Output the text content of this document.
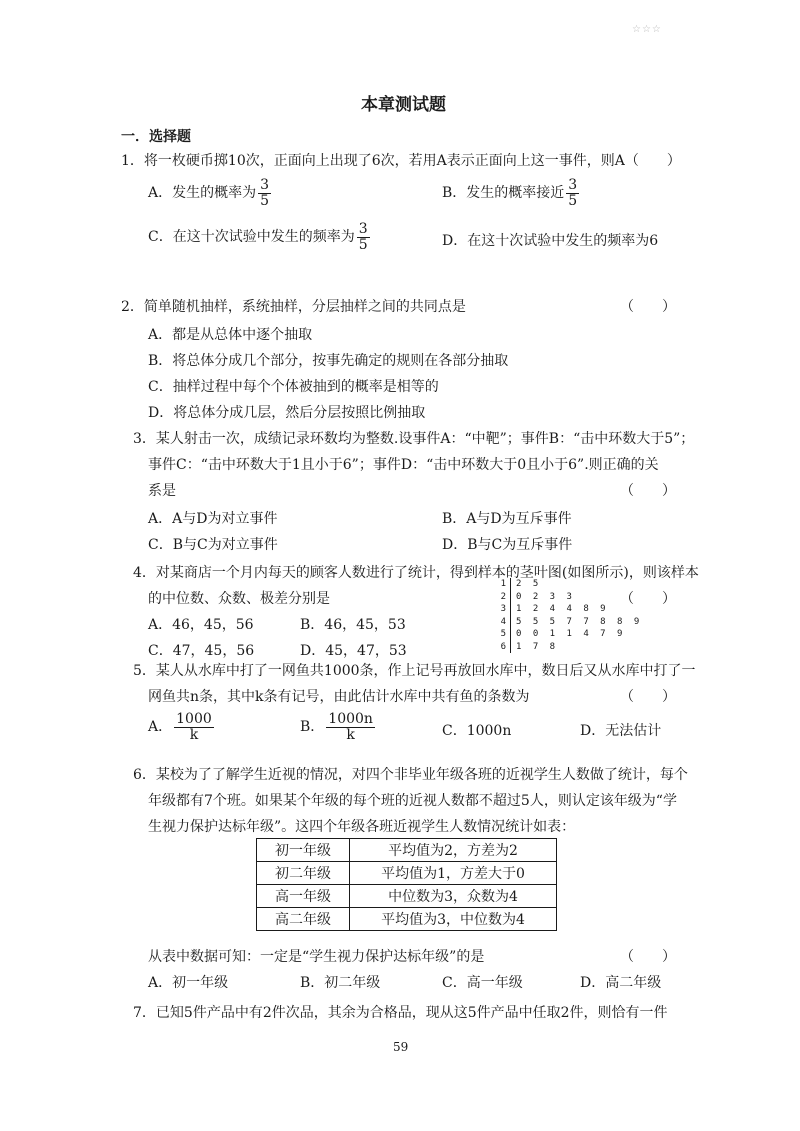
☆☆☆
本章测试题
一．选择题
1．将一枚硬币掷10次，正面向上出现了6次，若用A表示正面向上这一事件，则A（　　）
A．发生的概率为 $\frac{3}{5}$	B．发生的概率接近 $\frac{3}{5}$
C．在这十次试验中发生的频率为 $\frac{3}{5}$	D．在这十次试验中发生的频率为6
2．简单随机抽样，系统抽样，分层抽样之间的共同点是	（　　）
A．都是从总体中逐个抽取
B．将总体分成几个部分，按事先确定的规则在各部分抽取
C．抽样过程中每个个体被抽到的概率是相等的
D．将总体分成几层，然后分层按照比例抽取
3．某人射击一次，成绩记录环数均为整数.设事件A：“中靶”；事件B：“击中环数大于5”；
事件C：“击中环数大于1且小于6”；事件D：“击中环数大于0且小于6”.则正确的关
系是	（　　）
A．A与D为对立事件	B．A与D为互斥事件
C．B与C为对立事件	D．B与C为互斥事件
4．对某商店一个月内每天的顾客人数进行了统计，得到样本的茎叶图(如图所示)，则该样本
的中位数、众数、极差分别是	（　　）
A．46，45，56	B．46，45，53
C．47，45，56	D．45，47，53
1	2 5
2	0 2 3 3
3	1 2 4 4 8 9
4	5 5 5 7 7 8 8 9
5	0 0 1 1 4 7 9
6	1 7 8
5．某人从水库中打了一网鱼共1000条，作上记号再放回水库中，数日后又从水库中打了一
网鱼共n条，其中k条有记号，由此估计水库中共有鱼的条数为	（　　）
A． $\frac{1000}{k}$	B． $\frac{1000n}{k}$	C．1000n	D．无法估计
6．某校为了了解学生近视的情况，对四个非毕业年级各班的近视学生人数做了统计，每个
年级都有7个班。如果某个年级的每个班的近视人数都不超过5人，则认定该年级为“学
生视力保护达标年级”。这四个年级各班近视学生人数情况统计如表：
初一年级	平均值为2，方差为2
初二年级	平均值为1，方差大于0
高一年级	中位数为3，众数为4
高二年级	平均值为3，中位数为4
从表中数据可知：一定是“学生视力保护达标年级”的是	（　　）
A．初一年级	B．初二年级	C．高一年级	D．高二年级
7．已知5件产品中有2件次品，其余为合格品，现从这5件产品中任取2件，则恰有一件
59
